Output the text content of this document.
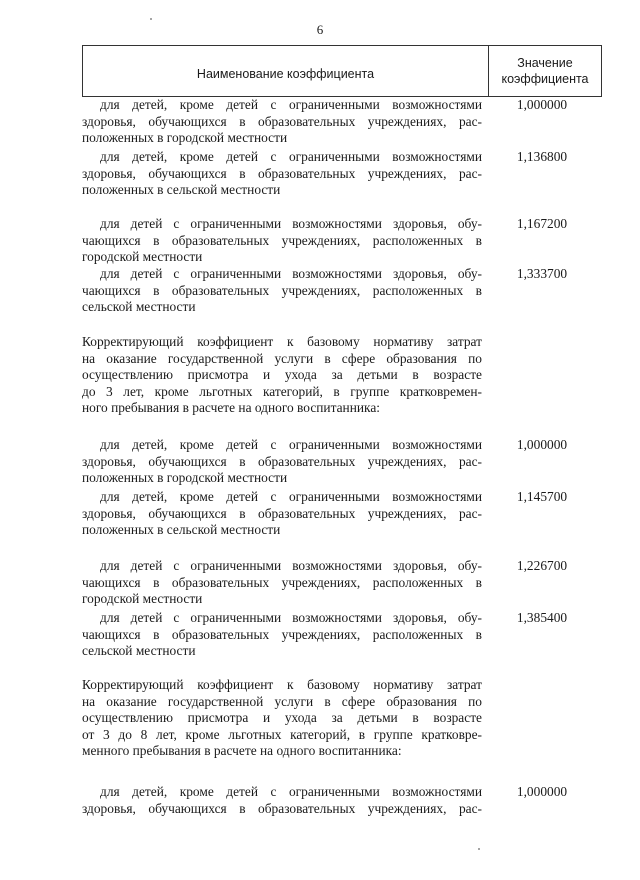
6
Наименование коэффициента
Значение
коэффициента
для детей, кроме детей с ограниченными возможностями
здоровья, обучающихся в образовательных учреждениях, рас-
положенных в городской местности
1,000000
для детей, кроме детей с ограниченными возможностями
здоровья, обучающихся в образовательных учреждениях, рас-
положенных в сельской местности
1,136800
для детей с ограниченными возможностями здоровья, обу-
чающихся в образовательных учреждениях, расположенных в
городской местности
1,167200
для детей с ограниченными возможностями здоровья, обу-
чающихся в образовательных учреждениях, расположенных в
сельской местности
1,333700
Корректирующий коэффициент к базовому нормативу затрат
на оказание государственной услуги в сфере образования по
осуществлению присмотра и ухода за детьми в возрасте
до 3 лет, кроме льготных категорий, в группе кратковремен-
ного пребывания в расчете на одного воспитанника:
для детей, кроме детей с ограниченными возможностями
здоровья, обучающихся в образовательных учреждениях, рас-
положенных в городской местности
1,000000
для детей, кроме детей с ограниченными возможностями
здоровья, обучающихся в образовательных учреждениях, рас-
положенных в сельской местности
1,145700
для детей с ограниченными возможностями здоровья, обу-
чающихся в образовательных учреждениях, расположенных в
городской местности
1,226700
для детей с ограниченными возможностями здоровья, обу-
чающихся в образовательных учреждениях, расположенных в
сельской местности
1,385400
Корректирующий коэффициент к базовому нормативу затрат
на оказание государственной услуги в сфере образования по
осуществлению присмотра и ухода за детьми в возрасте
от 3 до 8 лет, кроме льготных категорий, в группе кратковре-
менного пребывания в расчете на одного воспитанника:
для детей, кроме детей с ограниченными возможностями
здоровья, обучающихся в образовательных учреждениях, рас-
1,000000
